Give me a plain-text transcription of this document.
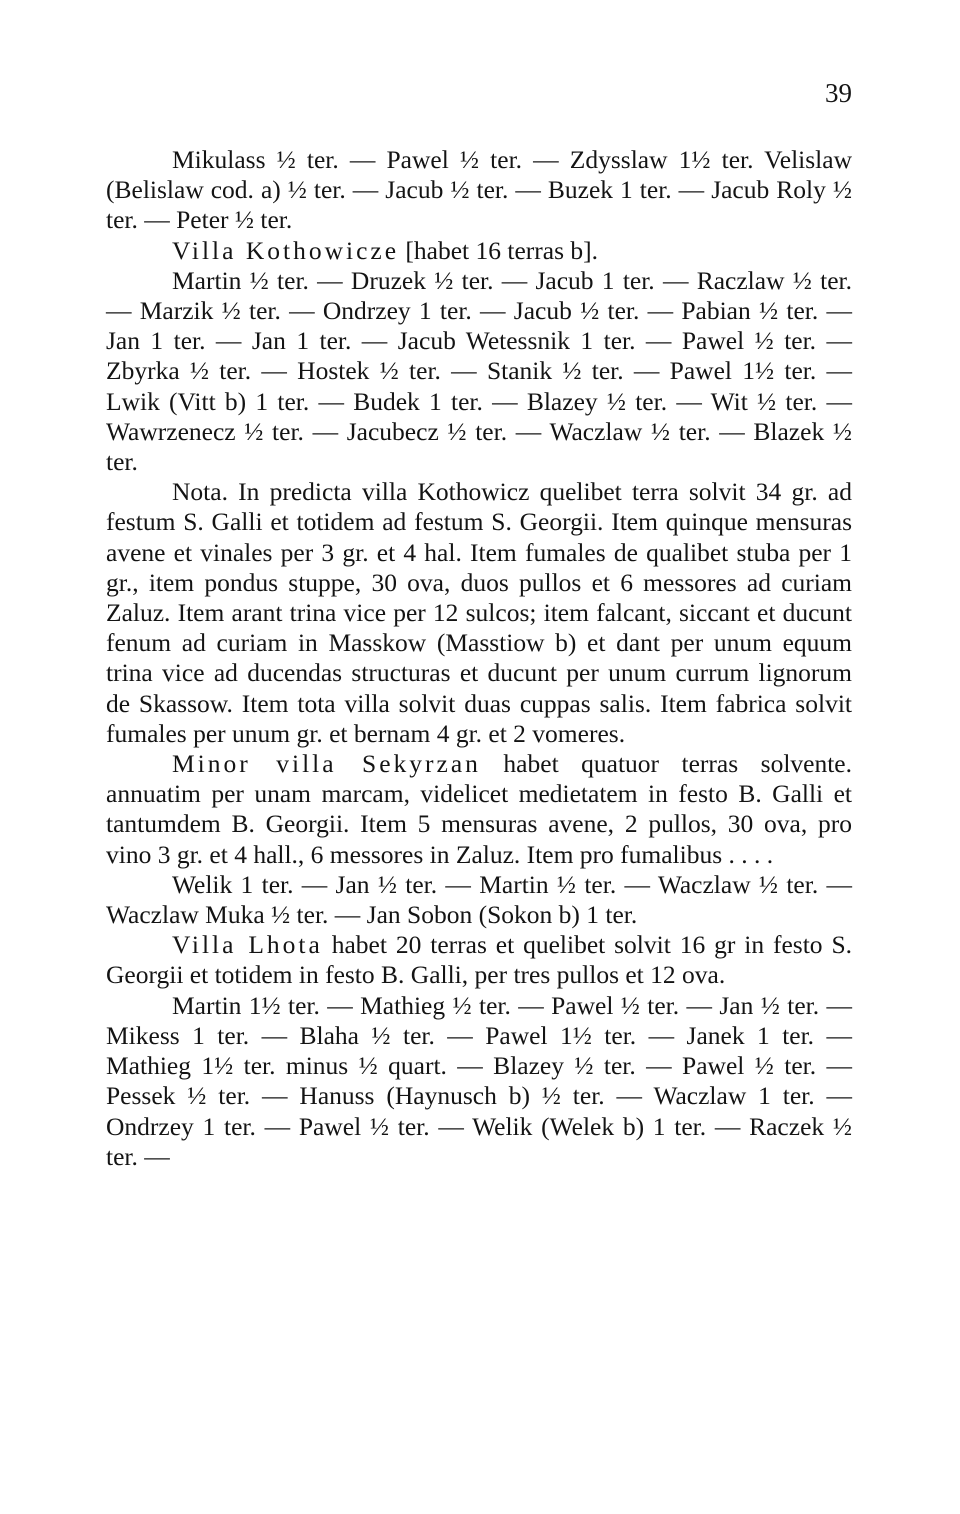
39

Mikulass ½ ter. — Pawel ½ ter. — Zdysslaw 1½ ter. Velislaw (Belislaw cod. a) ½ ter. — Jacub ½ ter. — Buzek 1 ter. — Jacub Roly ½ ter. — Peter ½ ter.

Villa Kothowicze [habet 16 terras b].

Martin ½ ter. — Druzek ½ ter. — Jacub 1 ter. — Raczlaw ½ ter. — Marzik ½ ter. — Ondrzey 1 ter. — Jacub ½ ter. — Pabian ½ ter. — Jan 1 ter. — Jan 1 ter. — Jacub Wetessnik 1 ter. — Pawel ½ ter. — Zbyrka ½ ter. — Hostek ½ ter. — Stanik ½ ter. — Pawel 1½ ter. — Lwik (Vitt b) 1 ter. — Budek 1 ter. — Blazey ½ ter. — Wit ½ ter. — Wawrzenecz ½ ter. — Jacubecz ½ ter. — Waczlaw ½ ter. — Blazek ½ ter.

Nota. In predicta villa Kothowicz quelibet terra solvit 34 gr. ad festum S. Galli et totidem ad festum S. Georgii. Item quinque mensuras avene et vinales per 3 gr. et 4 hal. Item fumales de qualibet stuba per 1 gr., item pondus stuppe, 30 ova, duos pullos et 6 messores ad curiam Zaluz. Item arant trina vice per 12 sulcos; item falcant, siccant et ducunt fenum ad curiam in Masskow (Masstiow b) et dant per unum equum trina vice ad ducendas structuras et ducunt per unum currum lignorum de Skassow. Item tota villa solvit duas cuppas salis. Item fabrica solvit fumales per unum gr. et bernam 4 gr. et 2 vomeres.

Minor villa Sekyrzan habet quatuor terras solvente. annuatim per unam marcam, videlicet medietatem in festo B. Galli et tantumdem B. Georgii. Item 5 mensuras avene, 2 pullos, 30 ova, pro vino 3 gr. et 4 hall., 6 messores in Zaluz. Item pro fumalibus . . . .

Welik 1 ter. — Jan ½ ter. — Martin ½ ter. — Waczlaw ½ ter. — Waczlaw Muka ½ ter. — Jan Sobon (Sokon b) 1 ter.

Villa Lhota habet 20 terras et quelibet solvit 16 gr in festo S. Georgii et totidem in festo B. Galli, per tres pullos et 12 ova.

Martin 1½ ter. — Mathieg ½ ter. — Pawel ½ ter. — Jan ½ ter. — Mikess 1 ter. — Blaha ½ ter. — Pawel 1½ ter. — Janek 1 ter. — Mathieg 1½ ter. minus ½ quart. — Blazey ½ ter. — Pawel ½ ter. — Pessek ½ ter. — Hanuss (Haynusch b) ½ ter. — Waczlaw 1 ter. — Ondrzey 1 ter. — Pawel ½ ter. — Welik (Welek b) 1 ter. — Raczek ½ ter. —
